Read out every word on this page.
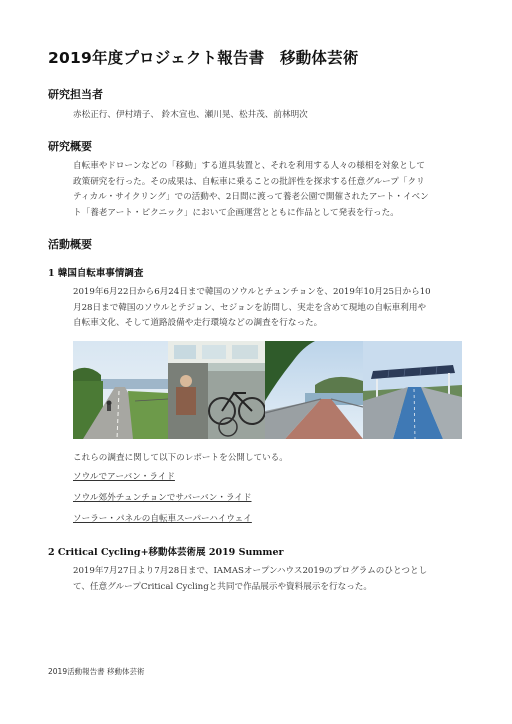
2019年度プロジェクト報告書　移動体芸術
研究担当者
赤松正行、伊村靖子、 鈴木宣也、瀬川晃、松井茂、前林明次
研究概要
自転車やドローンなどの「移動」する道具装置と、それを利用する人々の様相を対象として
政策研究を行った。その成果は、自転車に乗ることの批評性を探求する任意グループ「クリ
ティカル・サイクリング」での活動や、2日間に渡って養老公園で開催されたアート・イベン
ト「養老アート・ピクニック」において企画運営とともに作品として発表を行った。
活動概要
1 韓国自転車事情調査
2019年6月22日から6月24日まで韓国のソウルとチュンチョンを、2019年10月25日から10
月28日まで韓国のソウルとテジョン、セジョンを訪問し、実走を含めて現地の自転車利用や
自転車文化、そして道路設備や走行環境などの調査を行なった。
これらの調査に関して以下のレポートを公開している。
ソウルでアーバン・ライド
ソウル郊外チュンチョンでサバーバン・ライド
ソーラー・パネルの自転車スーパーハイウェイ
2 Critical Cycling+移動体芸術展 2019 Summer
2019年7月27日より7月28日まで、IAMASオープンハウス2019のプログラムのひとつとし
て、任意グループCritical Cyclingと共同で作品展示や資料展示を行なった。
2019活動報告書 移動体芸術
